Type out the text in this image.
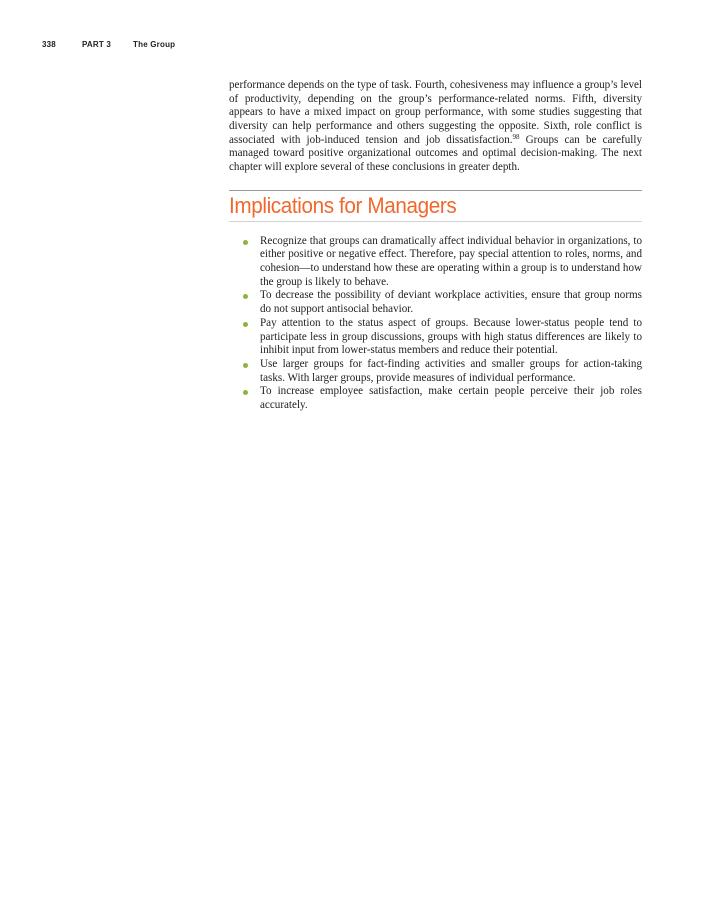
338	PART 3	The Group

performance depends on the type of task. Fourth, cohesiveness may influence a group’s level of productivity, depending on the group’s performance-related norms. Fifth, diversity appears to have a mixed impact on group performance, with some studies suggesting that diversity can help performance and others suggesting the opposite. Sixth, role conflict is associated with job-induced tension and job dissatisfaction.$^{98}$ Groups can be carefully managed toward positive organizational outcomes and optimal decision-making. The next chapter will explore several of these conclusions in greater depth.

Implications for Managers
Recognize that groups can dramatically affect individual behavior in organizations, to either positive or negative effect. Therefore, pay special attention to roles, norms, and cohesion—to understand how these are operating within a group is to understand how the group is likely to behave.
To decrease the possibility of deviant workplace activities, ensure that group norms do not support antisocial behavior.
Pay attention to the status aspect of groups. Because lower-status people tend to participate less in group discussions, groups with high status differences are likely to inhibit input from lower-status members and reduce their potential.
Use larger groups for fact-finding activities and smaller groups for action-taking tasks. With larger groups, provide measures of individual performance.
To increase employee satisfaction, make certain people perceive their job roles accurately.
